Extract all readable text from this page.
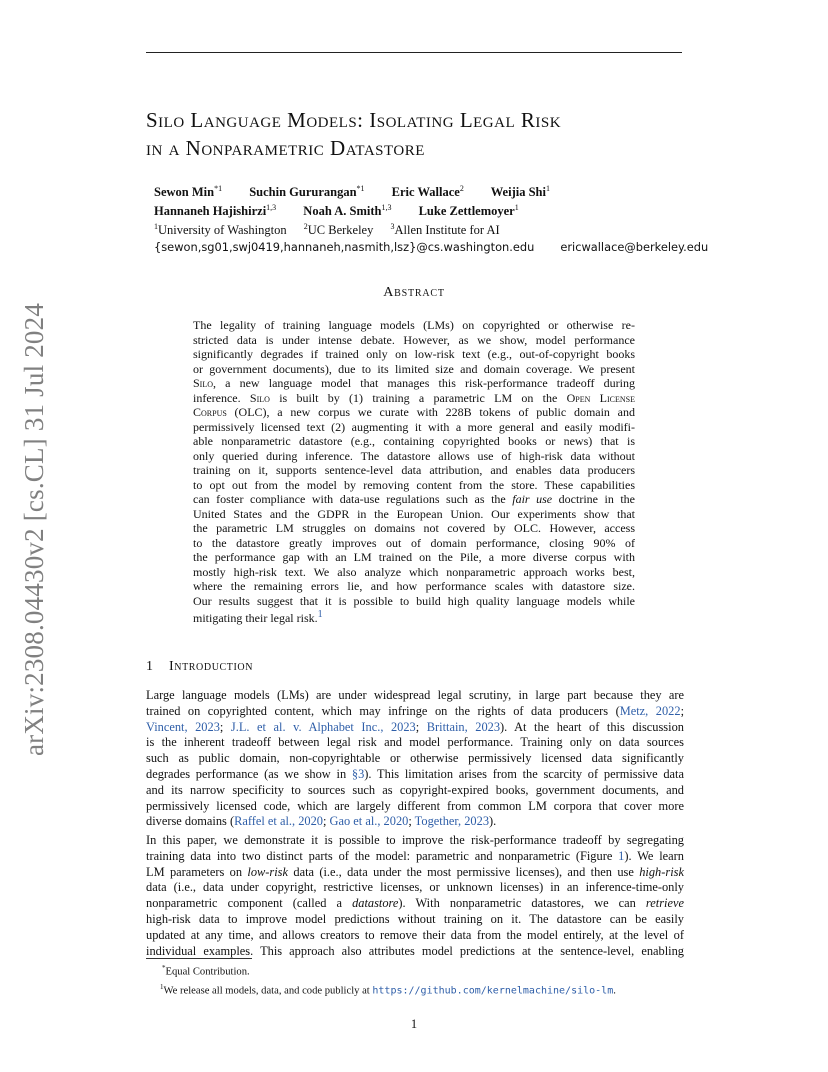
arXiv:2308.04430v2 [cs.CL] 31 Jul 2024
Silo Language Models: Isolating Legal Risk
in a Nonparametric Datastore
Sewon Min$^{*1}$ Suchin Gururangan$^{*1}$ Eric Wallace$^2$ Weijia Shi$^1$
Hannaneh Hajishirzi$^{1,3}$ Noah A. Smith$^{1,3}$ Luke Zettlemoyer$^1$
$^1$University of Washington $^2$UC Berkeley $^3$Allen Institute for AI
{sewon,sg01,swj0419,hannaneh,nasmith,lsz}@cs.washington.edu ericwallace@berkeley.edu
Abstract
The legality of training language models (LMs) on copyrighted or otherwise re-
stricted data is under intense debate. However, as we show, model performance
significantly degrades if trained only on low-risk text (e.g., out-of-copyright books
or government documents), due to its limited size and domain coverage. We present
Silo, a new language model that manages this risk-performance tradeoff during
inference. Silo is built by (1) training a parametric LM on the Open License
Corpus (OLC), a new corpus we curate with 228B tokens of public domain and
permissively licensed text (2) augmenting it with a more general and easily modifi-
able nonparametric datastore (e.g., containing copyrighted books or news) that is
only queried during inference. The datastore allows use of high-risk data without
training on it, supports sentence-level data attribution, and enables data producers
to opt out from the model by removing content from the store. These capabilities
can foster compliance with data-use regulations such as the fair use doctrine in the
United States and the GDPR in the European Union. Our experiments show that
the parametric LM struggles on domains not covered by OLC. However, access
to the datastore greatly improves out of domain performance, closing 90% of
the performance gap with an LM trained on the Pile, a more diverse corpus with
mostly high-risk text. We also analyze which nonparametric approach works best,
where the remaining errors lie, and how performance scales with datastore size.
Our results suggest that it is possible to build high quality language models while
mitigating their legal risk.$^1$
1 Introduction
Large language models (LMs) are under widespread legal scrutiny, in large part because they are
trained on copyrighted content, which may infringe on the rights of data producers (Metz, 2022;
Vincent, 2023; J.L. et al. v. Alphabet Inc., 2023; Brittain, 2023). At the heart of this discussion
is the inherent tradeoff between legal risk and model performance. Training only on data sources
such as public domain, non-copyrightable or otherwise permissively licensed data significantly
degrades performance (as we show in §3). This limitation arises from the scarcity of permissive data
and its narrow specificity to sources such as copyright-expired books, government documents, and
permissively licensed code, which are largely different from common LM corpora that cover more
diverse domains (Raffel et al., 2020; Gao et al., 2020; Together, 2023).
In this paper, we demonstrate it is possible to improve the risk-performance tradeoff by segregating
training data into two distinct parts of the model: parametric and nonparametric (Figure 1). We learn
LM parameters on low-risk data (i.e., data under the most permissive licenses), and then use high-risk
data (i.e., data under copyright, restrictive licenses, or unknown licenses) in an inference-time-only
nonparametric component (called a datastore). With nonparametric datastores, we can retrieve
high-risk data to improve model predictions without training on it. The datastore can be easily
updated at any time, and allows creators to remove their data from the model entirely, at the level of
individual examples. This approach also attributes model predictions at the sentence-level, enabling
*Equal Contribution.
$^1$We release all models, data, and code publicly at https://github.com/kernelmachine/silo-lm.
1
